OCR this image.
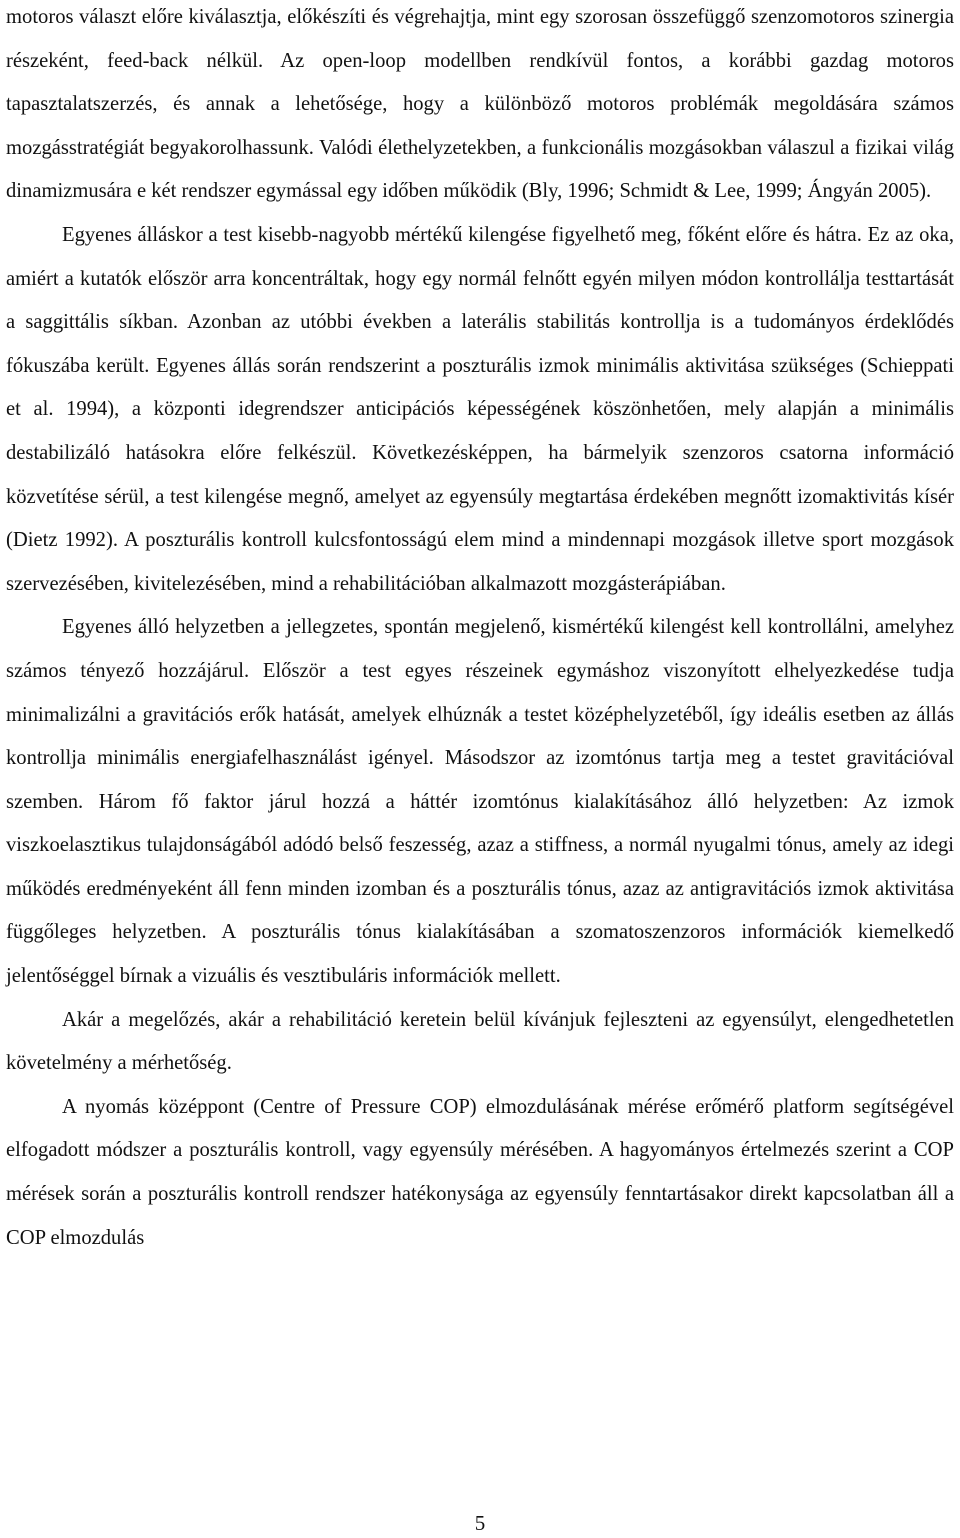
motoros választ előre kiválasztja, előkészíti és végrehajtja, mint egy szorosan összefüggő szenzomotoros szinergia részeként, feed-back nélkül. Az open-loop modellben rendkívül fontos, a korábbi gazdag motoros tapasztalatszerzés, és annak a lehetősége, hogy a különböző motoros problémák megoldására számos mozgásstratégiát begyakorolhassunk. Valódi élethelyzetekben, a funkcionális mozgásokban válaszul a fizikai világ dinamizmusára e két rendszer egymással egy időben működik (Bly, 1996; Schmidt & Lee, 1999; Ángyán 2005).

Egyenes álláskor a test kisebb-nagyobb mértékű kilengése figyelhető meg, főként előre és hátra. Ez az oka, amiért a kutatók először arra koncentráltak, hogy egy normál felnőtt egyén milyen módon kontrollálja testtartását a saggittális síkban. Azonban az utóbbi években a laterális stabilitás kontrollja is a tudományos érdeklődés fókuszába került. Egyenes állás során rendszerint a poszturális izmok minimális aktivitása szükséges (Schieppati et al. 1994), a központi idegrendszer anticipációs képességének köszönhetően, mely alapján a minimális destabilizáló hatásokra előre felkészül. Következésképpen, ha bármelyik szenzoros csatorna információ közvetítése sérül, a test kilengése megnő, amelyet az egyensúly megtartása érdekében megnőtt izomaktivitás kísér (Dietz 1992). A poszturális kontroll kulcsfontosságú elem mind a mindennapi mozgások illetve sport mozgások szervezésében, kivitelezésében, mind a rehabilitációban alkalmazott mozgásterápiában.

Egyenes álló helyzetben a jellegzetes, spontán megjelenő, kismértékű kilengést kell kontrollálni, amelyhez számos tényező hozzájárul. Először a test egyes részeinek egymáshoz viszonyított elhelyezkedése tudja minimalizálni a gravitációs erők hatását, amelyek elhúznák a testet középhelyzetéből, így ideális esetben az állás kontrollja minimális energiafelhasználást igényel. Másodszor az izomtónus tartja meg a testet gravitációval szemben. Három fő faktor járul hozzá a háttér izomtónus kialakításához álló helyzetben: Az izmok viszkoelasztikus tulajdonságából adódó belső feszesség, azaz a stiffness, a normál nyugalmi tónus, amely az idegi működés eredményeként áll fenn minden izomban és a poszturális tónus, azaz az antigravitációs izmok aktivitása függőleges helyzetben. A poszturális tónus kialakításában a szomatoszenzoros információk kiemelkedő jelentőséggel bírnak a vizuális és vesztibuláris információk mellett.

Akár a megelőzés, akár a rehabilitáció keretein belül kívánjuk fejleszteni az egyensúlyt, elengedhetetlen követelmény a mérhetőség.

A nyomás középpont (Centre of Pressure COP) elmozdulásának mérése erőmérő platform segítségével elfogadott módszer a poszturális kontroll, vagy egyensúly mérésében. A hagyományos értelmezés szerint a COP mérések során a poszturális kontroll rendszer hatékonysága az egyensúly fenntartásakor direkt kapcsolatban áll a COP elmozdulás

5
